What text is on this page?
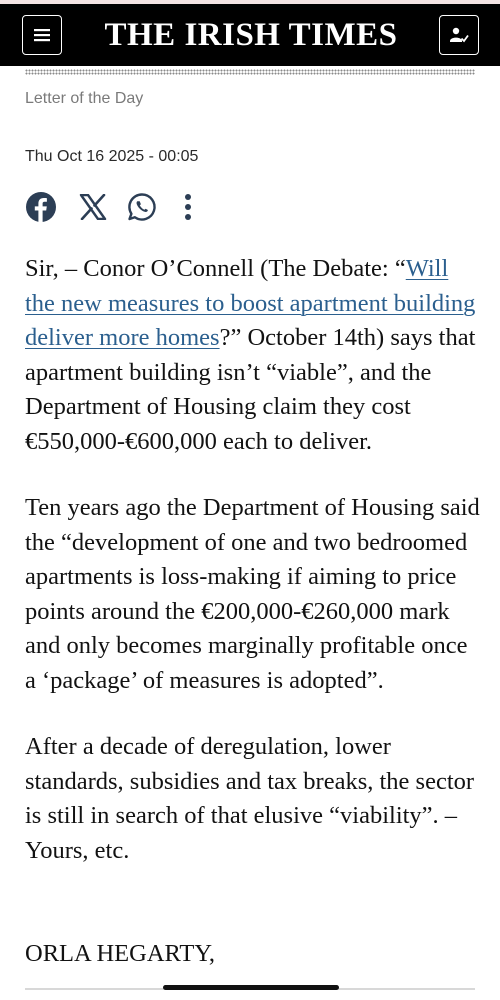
THE IRISH TIMES
Letter of the Day
Thu Oct 16 2025 - 00:05

Sir, – Conor O’Connell (The Debate: “Will the new measures to boost apartment building deliver more homes?” October 14th) says that apartment building isn’t “viable”, and the Department of Housing claim they cost €550,000-€600,000 each to deliver.

Ten years ago the Department of Housing said the “development of one and two bedroomed apartments is loss-making if aiming to price points around the €200,000-€260,000 mark and only becomes marginally profitable once a ‘package’ of measures is adopted”.

After a decade of deregulation, lower standards, subsidies and tax breaks, the sector is still in search of that elusive “viability”. – Yours, etc.

ORLA HEGARTY,
